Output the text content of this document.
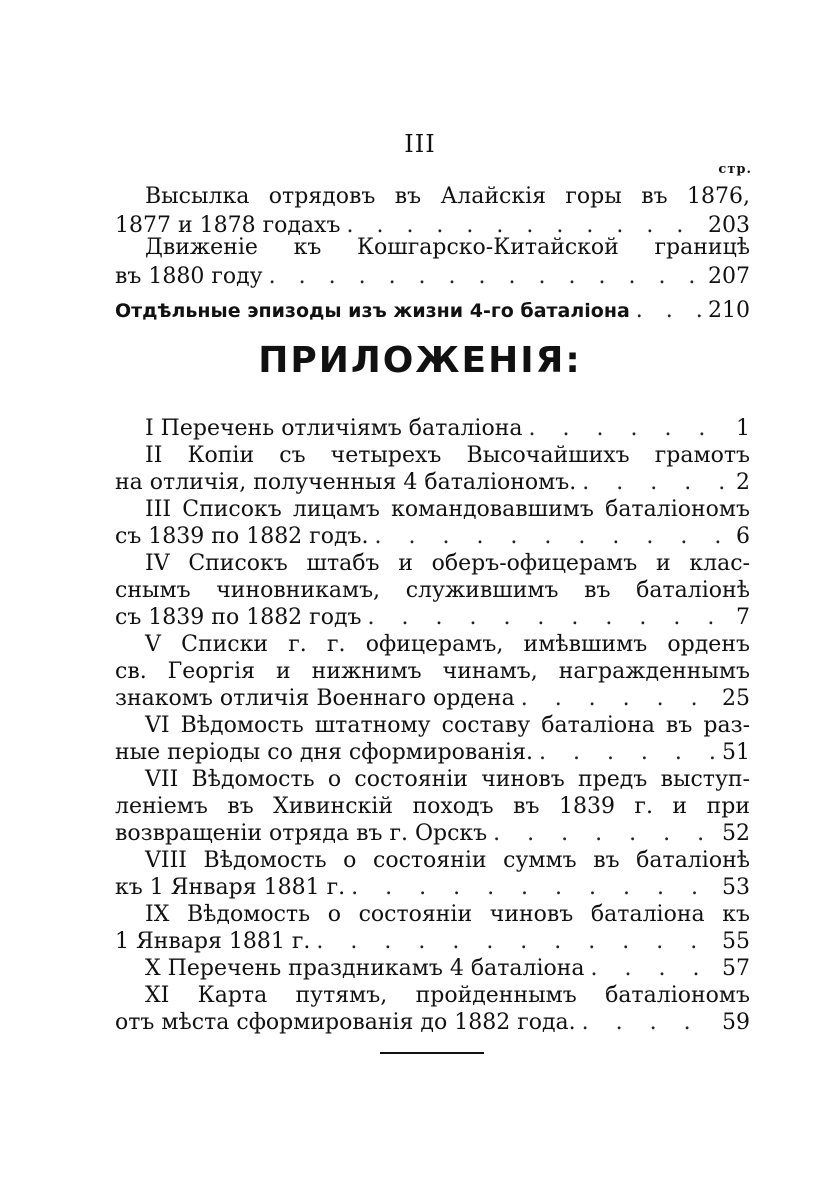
III
стр.
Высылка отрядовъ въ Алайскія горы въ 1876,
1877 и 1878 годахъ . . .	203
Движеніе къ Кошгарско-Китайской границѣ
въ 1880 году . . .	207
Отдѣльные эпизоды изъ жизни 4-го баталіона . . .	210
ПРИЛОЖЕНІЯ:
I Перечень отличіямъ баталіона . . .	1
II Копіи съ четырехъ Высочайшихъ грамотъ
на отличія, полученныя 4 баталіономъ. . . .	2
III Списокъ лицамъ командовавшимъ баталіономъ
съ 1839 по 1882 годъ. . . .	6
IV Списокъ штабъ и оберъ-офицерамъ и клас-
снымъ чиновникамъ, служившимъ въ баталіонѣ
съ 1839 по 1882 годъ . . .	7
V Списки г. г. офицерамъ, имѣвшимъ орденъ
св. Георгія и нижнимъ чинамъ, награжденнымъ
знакомъ отличія Военнаго ордена . . .	25
VI Вѣдомость штатному составу баталіона въ раз-
ные періоды со дня сформированія. . . .	51
VII Вѣдомость о состояніи чиновъ предъ выступ-
леніемъ въ Хивинскій походъ въ 1839 г. и при
возвращеніи отряда въ г. Орскъ . . .	52
VIII Вѣдомость о состояніи суммъ въ баталіонѣ
къ 1 Января 1881 г. . . .	53
IX Вѣдомость о состояніи чиновъ баталіона къ
1 Января 1881 г. . . .	55
X Перечень праздникамъ 4 баталіона . . .	57
XI Карта путямъ, пройденнымъ баталіономъ
отъ мѣста сформированія до 1882 года. . . .	59
